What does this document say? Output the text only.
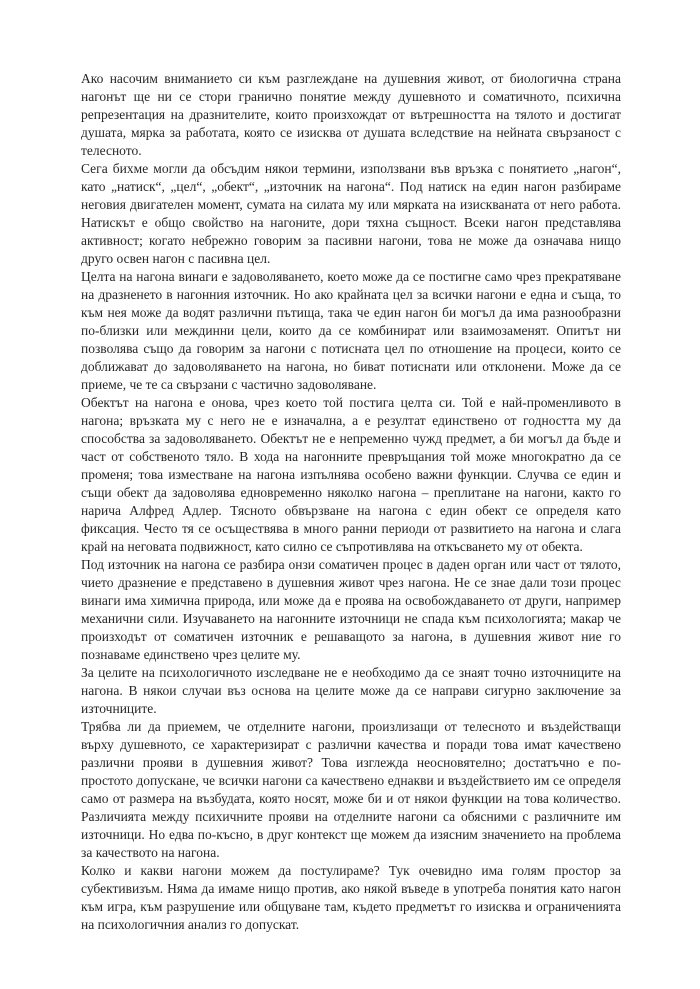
Ако насочим вниманието си към разглеждане на душевния живот, от биологична страна нагонът ще ни се стори гранично понятие между душевното и соматичното, психична репрезентация на дразнителите, които произхождат от вътрешността на тялото и достигат душата, мярка за работата, която се изисква от душата вследствие на нейната свързаност с телесното.

Сега бихме могли да обсъдим някои термини, използвани във връзка с понятието „нагон“, като „натиск“, „цел“, „обект“, „източник на нагона“. Под натиск на един нагон разбираме неговия двигателен момент, сумата на силата му или мярката на изискваната от него работа. Натискът е общо свойство на нагоните, дори тяхна същност. Всеки нагон представлява активност; когато небрежно говорим за пасивни нагони, това не може да означава нищо друго освен нагон с пасивна цел.

Целта на нагона винаги е задоволяването, което може да се постигне само чрез прекратяване на дразненето в нагонния източник. Но ако крайната цел за всички нагони е една и съща, то към нея може да водят различни пътища, така че един нагон би могъл да има разнообразни по-близки или междинни цели, които да се комбинират или взаимозаменят. Опитът ни позволява също да говорим за нагони с потисната цел по отношение на процеси, които се доближават до задоволяването на нагона, но биват потиснати или отклонени. Може да се приеме, че те са свързани с частично задоволяване.

Обектът на нагона е онова, чрез което той постига целта си. Той е най-променливото в нагона; връзката му с него не е изначална, а е резултат единствено от годността му да способства за задоволяването. Обектът не е непременно чужд предмет, а би могъл да бъде и част от собственото тяло. В хода на нагонните превръщания той може многократно да се променя; това изместване на нагона изпълнява особено важни функции. Случва се един и същи обект да задоволява едновременно няколко нагона – преплитане на нагони, както го нарича Алфред Адлер. Тясното обвързване на нагона с един обект се определя като фиксация. Често тя се осъществява в много ранни периоди от развитието на нагона и слага край на неговата подвижност, като силно се съпротивлява на откъсването му от обекта.

Под източник на нагона се разбира онзи соматичен процес в даден орган или част от тялото, чието дразнение е представено в душевния живот чрез нагона. Не се знае дали този процес винаги има химична природа, или може да е проява на освобождаването от други, например механични сили. Изучаването на нагонните източници не спада към психологията; макар че произходът от соматичен източник е решаващото за нагона, в душевния живот ние го познаваме единствено чрез целите му.

За целите на психологичното изследване не е необходимо да се знаят точно източниците на нагона. В някои случаи въз основа на целите може да се направи сигурно заключение за източниците.

Трябва ли да приемем, че отделните нагони, произлизащи от телесното и въздействащи върху душевното, се характеризират с различни качества и поради това имат качествено различни прояви в душевния живот? Това изглежда неосновятелно; достатъчно е по-простото допускане, че всички нагони са качествено еднакви и въздействието им се определя само от размера на възбудата, която носят, може би и от някои функции на това количество. Различията между психичните прояви на отделните нагони са обясними с различните им източници. Но едва по-късно, в друг контекст ще можем да изясним значението на проблема за качеството на нагона.

Колко и какви нагони можем да постулираме? Тук очевидно има голям простор за субективизъм. Няма да имаме нищо против, ако някой въведе в употреба понятия като нагон към игра, към разрушение или общуване там, където предметът го изисква и ограниченията на психологичния анализ го допускат.
